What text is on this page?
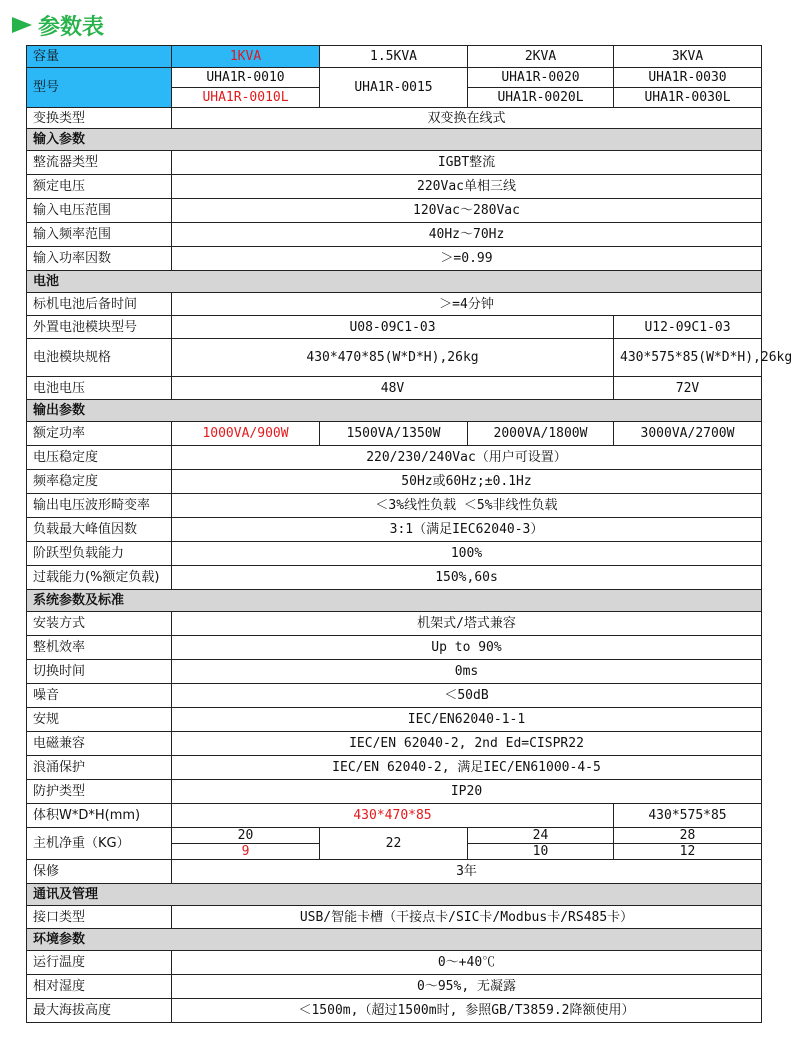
参数表
容量	1KVA	1.5KVA	2KVA	3KVA
型号	UHA1R-0010	UHA1R-0015	UHA1R-0020	UHA1R-0030
	UHA1R-0010L		UHA1R-0020L	UHA1R-0030L
变换类型	双变换在线式			
输入参数				
整流器类型	IGBT整流			
额定电压	220Vac单相三线			
输入电压范围	120Vac～280Vac			
输入频率范围	40Hz～70Hz			
输入功率因数	＞=0.99			
电池				
标机电池后备时间	＞=4分钟			
外置电池模块型号	U08-09C1-03			U12-09C1-03
电池模块规格	430*470*85(W*D*H),26kg			430*575*85(W*D*H),26kg
电池电压	48V			72V
输出参数				
额定功率	1000VA/900W	1500VA/1350W	2000VA/1800W	3000VA/2700W
电压稳定度	220/230/240Vac（用户可设置）			
频率稳定度	50Hz或60Hz;±0.1Hz			
输出电压波形畸变率	＜3%线性负载 ＜5%非线性负载			
负载最大峰值因数	3:1（满足IEC62040-3）			
阶跃型负载能力	100%			
过载能力(%额定负载)	150%,60s			
系统参数及标准				
安装方式	机架式/塔式兼容			
整机效率	Up to 90%			
切换时间	0ms			
噪音	＜50dB			
安规	IEC/EN62040-1-1			
电磁兼容	IEC/EN 62040-2, 2nd Ed=CISPR22			
浪涌保护	IEC/EN 62040-2, 满足IEC/EN61000-4-5			
防护类型	IP20			
体积W*D*H(mm)	430*470*85			430*575*85
主机净重（KG）	20	22	24	28
	9		10	12
保修	3年			
通讯及管理				
接口类型	USB/智能卡槽（干接点卡/SIC卡/Modbus卡/RS485卡）			
环境参数				
运行温度	0～+40℃			
相对湿度	0～95%, 无凝露			
最大海拔高度	＜1500m,（超过1500m时, 参照GB/T3859.2降额使用）			
